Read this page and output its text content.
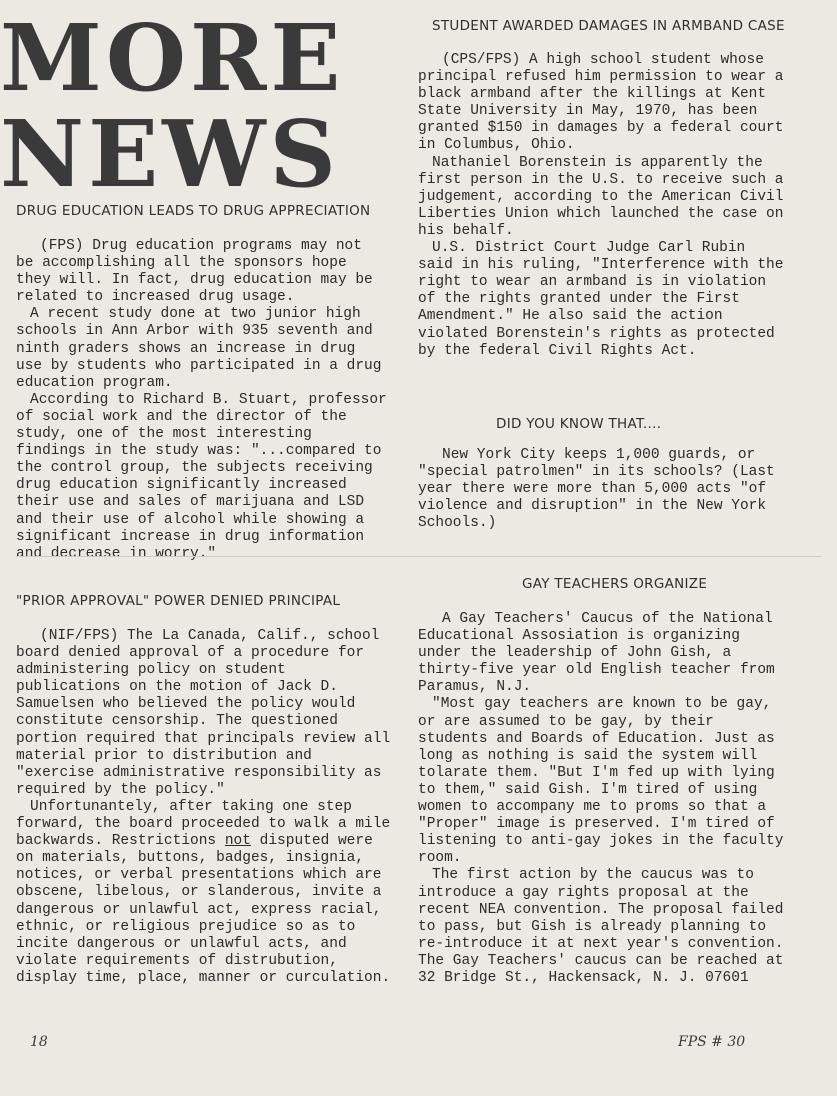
MORE
NEWS
STUDENT AWARDED DAMAGES IN ARMBAND CASE

(CPS/FPS) A high school student whose principal refused him permission to wear a black armband after the killings at Kent State University in May, 1970, has been granted $150 in damages by a federal court in Columbus, Ohio.

Nathaniel Borenstein is apparently the first person in the U.S. to receive such a judgement, according to the American Civil Liberties Union which launched the case on his behalf.

U.S. District Court Judge Carl Rubin said in his ruling, "Interference with the right to wear an armband is in violation of the rights granted under the First Amendment." He also said the action violated Borenstein's rights as protected by the federal Civil Rights Act.

DRUG EDUCATION LEADS TO DRUG APPRECIATION

(FPS) Drug education programs may not be accomplishing all the sponsors hope they will. In fact, drug education may be related to increased drug usage.

A recent study done at two junior high schools in Ann Arbor with 935 seventh and ninth graders shows an increase in drug use by students who participated in a drug education program.

According to Richard B. Stuart, professor of social work and the director of the study, one of the most interesting findings in the study was: "...compared to the control group, the subjects receiving drug education significantly increased their use and sales of marijuana and LSD and their use of alcohol while showing a significant increase in drug information and decrease in worry."

DID YOU KNOW THAT....

New York City keeps 1,000 guards, or "special patrolmen" in its schools? (Last year there were more than 5,000 acts "of violence and disruption" in the New York Schools.)

"PRIOR APPROVAL" POWER DENIED PRINCIPAL

(NIF/FPS) The La Canada, Calif., school board denied approval of a procedure for administering policy on student publications on the motion of Jack D. Samuelsen who believed the policy would constitute censorship. The questioned portion required that principals review all material prior to distribution and "exercise administrative responsibility as required by the policy."

Unfortunantely, after taking one step forward, the board proceeded to walk a mile backwards. Restrictions not disputed were on materials, buttons, badges, insignia, notices, or verbal presentations which are obscene, libelous, or slanderous, invite a dangerous or unlawful act, express racial, ethnic, or religious prejudice so as to incite dangerous or unlawful acts, and violate requirements of distrubution, display time, place, manner or curculation.

GAY TEACHERS ORGANIZE

A Gay Teachers' Caucus of the National Educational Assosiation is organizing under the leadership of John Gish, a thirty-five year old English teacher from Paramus, N.J.

"Most gay teachers are known to be gay, or are assumed to be gay, by their students and Boards of Education. Just as long as nothing is said the system will tolarate them. "But I'm fed up with lying to them," said Gish. I'm tired of using women to accompany me to proms so that a "Proper" image is preserved. I'm tired of listening to anti-gay jokes in the faculty room.

The first action by the caucus was to introduce a gay rights proposal at the recent NEA convention. The proposal failed to pass, but Gish is already planning to re-introduce it at next year's convention. The Gay Teachers' caucus can be reached at 32 Bridge St., Hackensack, N. J. 07601

18	FPS # 30
